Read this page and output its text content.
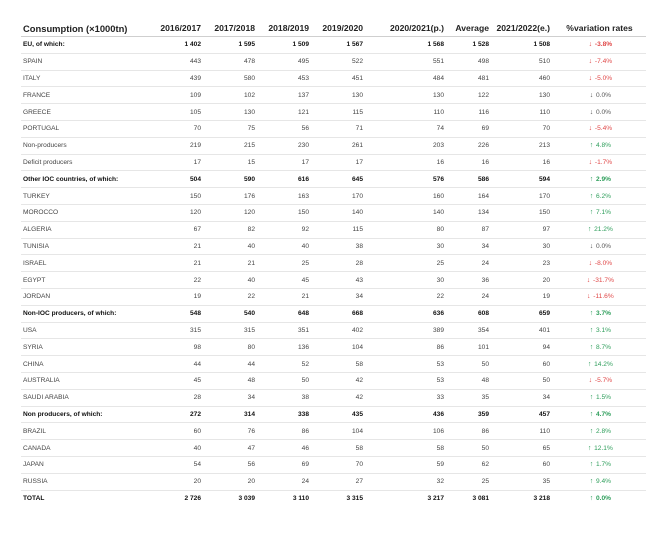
Consumption (×1000tn)	2016/2017	2017/2018	2018/2019	2019/2020	2020/2021(p.)	Average	2021/2022(e.)	%variation rates
EU, of which:	1 402	1 595	1 509	1 567	1 568	1 528	1 508	↓ -3.8%
SPAIN	443	478	495	522	551	498	510	↓ -7.4%
ITALY	439	580	453	451	484	481	460	↓ -5.0%
FRANCE	109	102	137	130	130	122	130	↓ 0.0%
GREECE	105	130	121	115	110	116	110	↓ 0.0%
PORTUGAL	70	75	56	71	74	69	70	↓ -5.4%
Non-producers	219	215	230	261	203	226	213	↑ 4.8%
Deficit producers	17	15	17	17	16	16	16	↓ -1.7%
Other IOC countries, of which:	504	590	616	645	576	586	594	↑ 2.9%
TURKEY	150	176	163	170	160	164	170	↑ 6.2%
MOROCCO	120	120	150	140	140	134	150	↑ 7.1%
ALGERIA	67	82	92	115	80	87	97	↑ 21.2%
TUNISIA	21	40	40	38	30	34	30	↓ 0.0%
ISRAEL	21	21	25	28	25	24	23	↓ -8.0%
EGYPT	22	40	45	43	30	36	20	↓ -31.7%
JORDAN	19	22	21	34	22	24	19	↓ -11.6%
Non-IOC producers, of which:	548	540	648	668	636	608	659	↑ 3.7%
USA	315	315	351	402	389	354	401	↑ 3.1%
SYRIA	98	80	136	104	86	101	94	↑ 8.7%
CHINA	44	44	52	58	53	50	60	↑ 14.2%
AUSTRALIA	45	48	50	42	53	48	50	↓ -5.7%
SAUDI ARABIA	28	34	38	42	33	35	34	↑ 1.5%
Non producers, of which:	272	314	338	435	436	359	457	↑ 4.7%
BRAZIL	60	76	86	104	106	86	110	↑ 2.8%
CANADA	40	47	46	58	58	50	65	↑ 12.1%
JAPAN	54	56	69	70	59	62	60	↑ 1.7%
RUSSIA	20	20	24	27	32	25	35	↑ 9.4%
TOTAL	2 726	3 039	3 110	3 315	3 217	3 081	3 218	↑ 0.0%
